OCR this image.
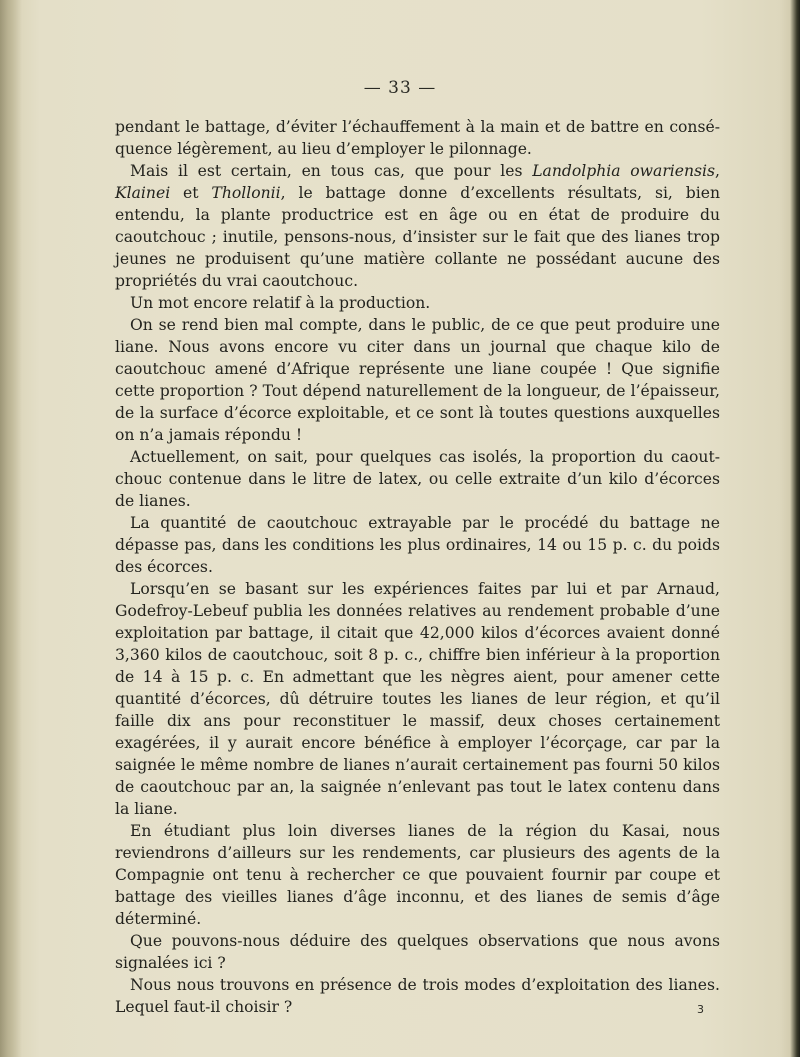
— 33 —

pendant le battage, d’éviter l’échauffement à la main et de battre en conséquence légèrement, au lieu d’employer le pilonnage.

Mais il est certain, en tous cas, que pour les Landolphia owariensis, Klainei et Thollonii, le battage donne d’excellents résultats, si, bien entendu, la plante productrice est en âge ou en état de produire du caoutchouc ; inutile, pensons-nous, d’insister sur le fait que des lianes trop jeunes ne produisent qu’une matière collante ne possédant aucune des propriétés du vrai caoutchouc.

Un mot encore relatif à la production.

On se rend bien mal compte, dans le public, de ce que peut produire une liane. Nous avons encore vu citer dans un journal que chaque kilo de caoutchouc amené d’Afrique représente une liane coupée ! Que signifie cette proportion ? Tout dépend naturellement de la longueur, de l’épaisseur, de la surface d’écorce exploitable, et ce sont là toutes questions auxquelles on n’a jamais répondu !

Actuellement, on sait, pour quelques cas isolés, la proportion du caoutchouc contenue dans le litre de latex, ou celle extraite d’un kilo d’écorces de lianes.

La quantité de caoutchouc extrayable par le procédé du battage ne dépasse pas, dans les conditions les plus ordinaires, 14 ou 15 p. c. du poids des écorces.

Lorsqu’en se basant sur les expériences faites par lui et par Arnaud, Godefroy-Lebeuf publia les données relatives au rendement probable d’une exploitation par battage, il citait que 42,000 kilos d’écorces avaient donné 3,360 kilos de caoutchouc, soit 8 p. c., chiffre bien inférieur à la proportion de 14 à 15 p. c. En admettant que les nègres aient, pour amener cette quantité d’écorces, dû détruire toutes les lianes de leur région, et qu’il faille dix ans pour reconstituer le massif, deux choses certainement exagérées, il y aurait encore bénéfice à employer l’écorçage, car par la saignée le même nombre de lianes n’aurait certainement pas fourni 50 kilos de caoutchouc par an, la saignée n’enlevant pas tout le latex contenu dans la liane.

En étudiant plus loin diverses lianes de la région du Kasai, nous reviendrons d’ailleurs sur les rendements, car plusieurs des agents de la Compagnie ont tenu à rechercher ce que pouvaient fournir par coupe et battage des vieilles lianes d’âge inconnu, et des lianes de semis d’âge déterminé.

Que pouvons-nous déduire des quelques observations que nous avons signalées ici ?

Nous nous trouvons en présence de trois modes d’exploitation des lianes. Lequel faut-il choisir ?	3
